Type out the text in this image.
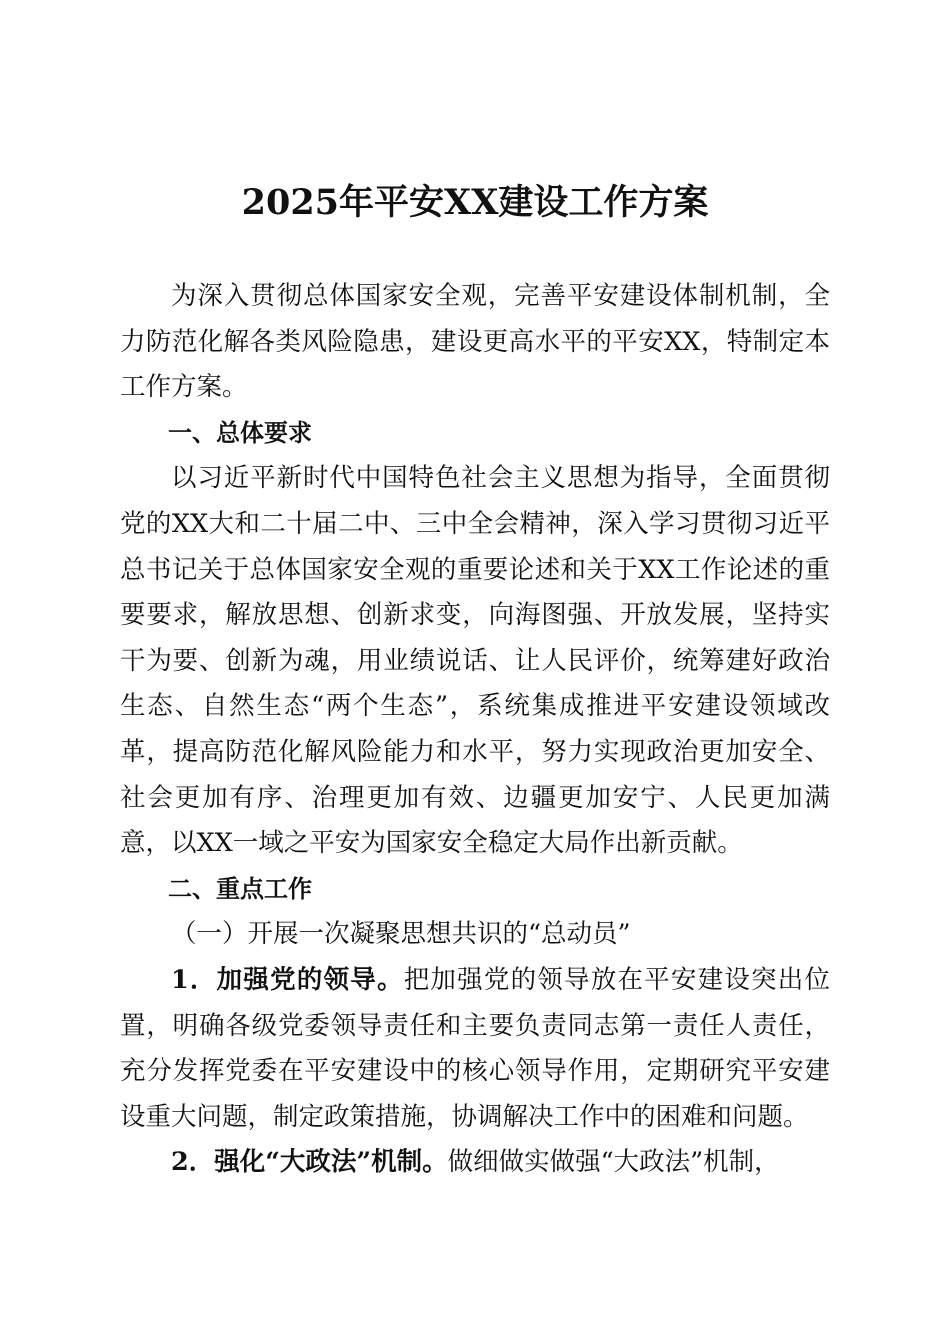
2025年平安XX建设工作方案

为深入贯彻总体国家安全观，完善平安建设体制机制，全力防范化解各类风险隐患，建设更高水平的平安XX，特制定本工作方案。

一、总体要求

以习近平新时代中国特色社会主义思想为指导，全面贯彻党的XX大和二十届二中、三中全会精神，深入学习贯彻习近平总书记关于总体国家安全观的重要论述和关于XX工作论述的重要要求，解放思想、创新求变，向海图强、开放发展，坚持实干为要、创新为魂，用业绩说话、让人民评价，统筹建好政治生态、自然生态“两个生态”，系统集成推进平安建设领域改革，提高防范化解风险能力和水平，努力实现政治更加安全、社会更加有序、治理更加有效、边疆更加安宁、人民更加满意，以XX一域之平安为国家安全稳定大局作出新贡献。

二、重点工作

（一）开展一次凝聚思想共识的“总动员”

1．加强党的领导。把加强党的领导放在平安建设突出位置，明确各级党委领导责任和主要负责同志第一责任人责任，充分发挥党委在平安建设中的核心领导作用，定期研究平安建设重大问题，制定政策措施，协调解决工作中的困难和问题。

2．强化“大政法”机制。做细做实做强“大政法”机制，
